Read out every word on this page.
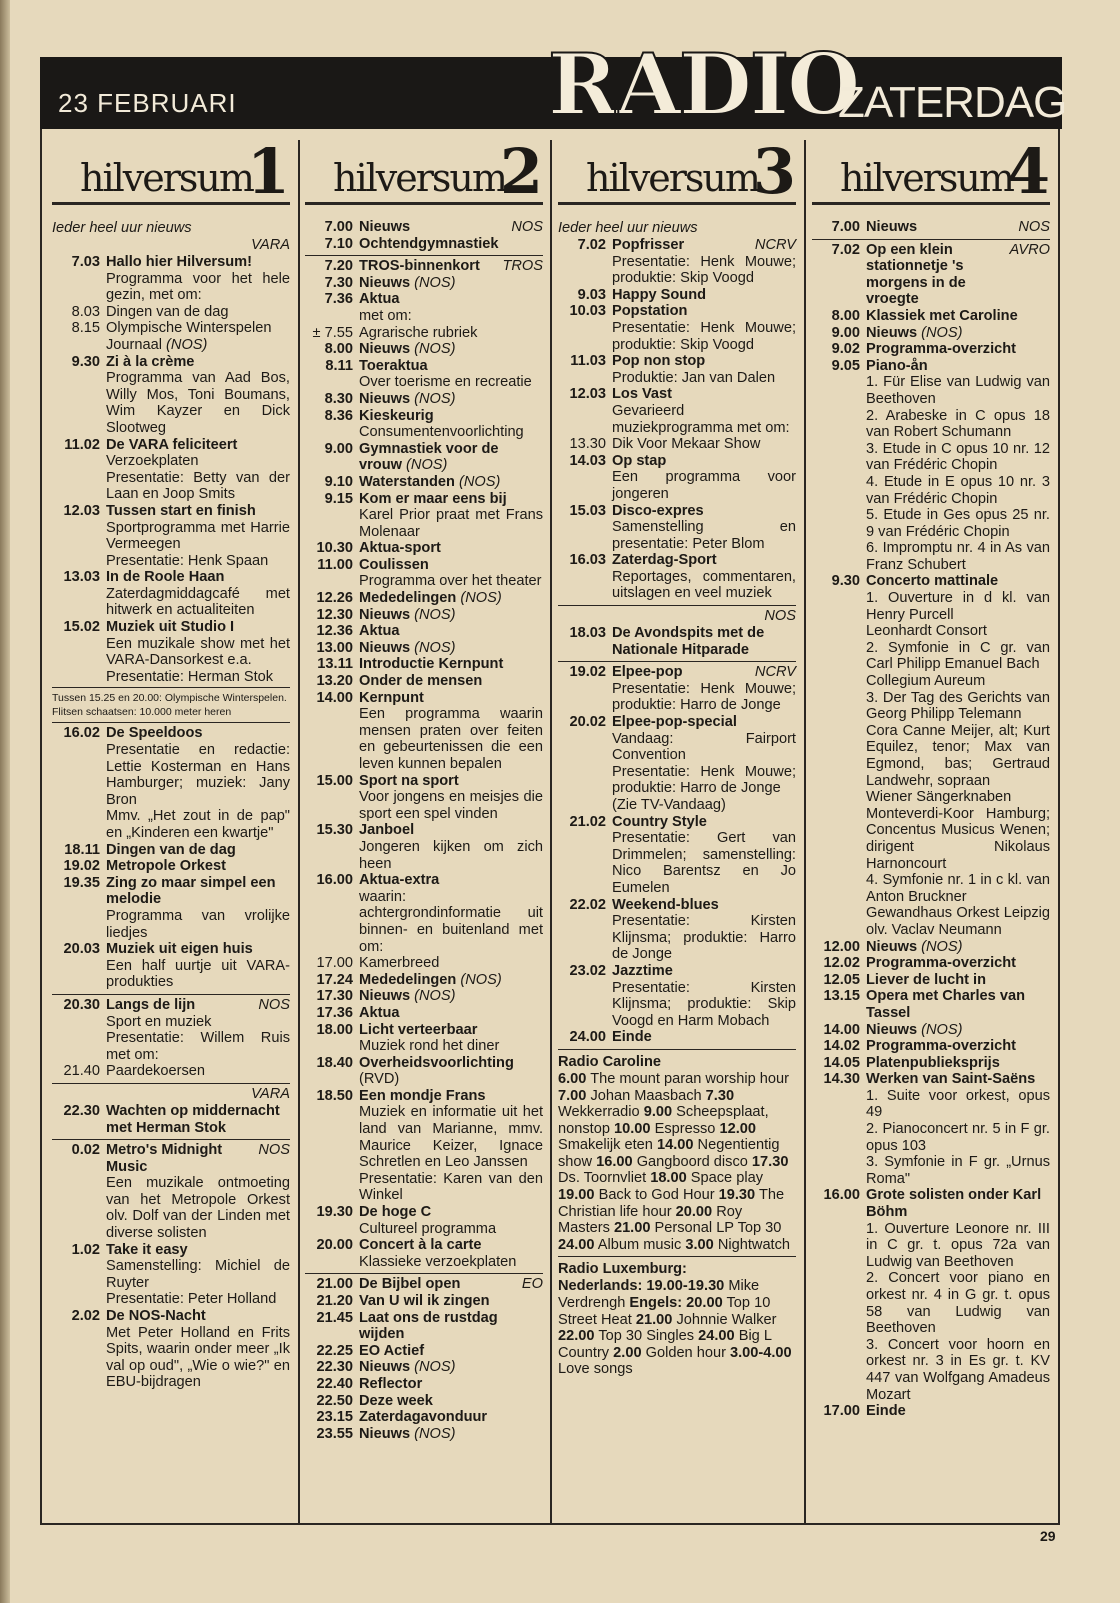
23 FEBRUARI	RADIO
ZATERDAG
hilversum
1
Ieder heel uur nieuws
VARA
7.03 Hallo hier Hilversum!
Programma voor het hele gezin, met om:
8.03 Dingen van de dag
8.15 Olympische Winterspelen Journaal (NOS)
9.30 Zi à la crème
Programma van Aad Bos, Willy Mos, Toni Boumans, Wim Kayzer en Dick Slootweg
11.02 De VARA feliciteert
Verzoekplaten
Presentatie: Betty van der Laan en Joop Smits
12.03 Tussen start en finish
Sportprogramma met Harrie Vermeegen
Presentatie: Henk Spaan
13.03 In de Roole Haan
Zaterdagmiddagcafé met hitwerk en actualiteiten
15.02 Muziek uit Studio I
Een muzikale show met het VARA-Dansorkest e.a.
Presentatie: Herman Stok
Tussen 15.25 en 20.00: Olympische Winterspelen. Flitsen schaatsen: 10.000 meter heren
16.02 De Speeldoos
Presentatie en redactie: Lettie Kosterman en Hans Hamburger; muziek: Jany Bron
Mmv. „Het zout in de pap" en „Kinderen een kwartje"
18.11 Dingen van de dag
19.02 Metropole Orkest
19.35 Zing zo maar simpel een melodie
Programma van vrolijke liedjes
20.03 Muziek uit eigen huis
Een half uurtje uit VARA-produkties
20.30 Langs de lijn	NOS
Sport en muziek
Presentatie: Willem Ruis met om:
21.40 Paardekoersen
VARA
22.30 Wachten op middernacht met Herman Stok
0.02 Metro's Midnight Music
NOS
Een muzikale ontmoeting van het Metropole Orkest olv. Dolf van der Linden met diverse solisten
1.02 Take it easy
Samenstelling: Michiel de Ruyter
Presentatie: Peter Holland
2.02 De NOS-Nacht
Met Peter Holland en Frits Spits, waarin onder meer „Ik val op oud", „Wie o wie?" en EBU-bijdragen
hilversum
2
7.00 Nieuws	NOS
7.10 Ochtendgymnastiek
7.20 TROS-binnenkort	TROS
7.30 Nieuws (NOS)
7.36 Aktua
met om:
± 7.55 Agrarische rubriek
8.00 Nieuws (NOS)
8.11 Toeraktua
Over toerisme en recreatie
8.30 Nieuws (NOS)
8.36 Kieskeurig
Consumentenvoorlichting
9.00 Gymnastiek voor de vrouw (NOS)
9.10 Waterstanden (NOS)
9.15 Kom er maar eens bij
Karel Prior praat met Frans Molenaar
10.30 Aktua-sport
11.00 Coulissen
Programma over het theater
12.26 Mededelingen (NOS)
12.30 Nieuws (NOS)
12.36 Aktua
13.00 Nieuws (NOS)
13.11 Introductie Kernpunt
13.20 Onder de mensen
14.00 Kernpunt
Een programma waarin mensen praten over feiten en gebeurtenissen die een leven kunnen bepalen
15.00 Sport na sport
Voor jongens en meisjes die sport een spel vinden
15.30 Janboel
Jongeren kijken om zich heen
16.00 Aktua-extra
waarin: achtergrondinformatie uit binnen- en buitenland met om:
17.00 Kamerbreed
17.24 Mededelingen (NOS)
17.30 Nieuws (NOS)
17.36 Aktua
18.00 Licht verteerbaar
Muziek rond het diner
18.40 Overheidsvoorlichting
(RVD)
18.50 Een mondje Frans
Muziek en informatie uit het land van Marianne, mmv. Maurice Keizer, Ignace Schretlen en Leo Janssen
Presentatie: Karen van den Winkel
19.30 De hoge C
Cultureel programma
20.00 Concert à la carte
Klassieke verzoekplaten
21.00 De Bijbel open	EO
21.20 Van U wil ik zingen
21.45 Laat ons de rustdag wijden
22.25 EO Actief
22.30 Nieuws (NOS)
22.40 Reflector
22.50 Deze week
23.15 Zaterdagavonduur
23.55 Nieuws (NOS)
hilversum
3
Ieder heel uur nieuws
7.02 Popfrisser	NCRV
Presentatie: Henk Mouwe; produktie: Skip Voogd
9.03 Happy Sound
10.03 Popstation
Presentatie: Henk Mouwe; produktie: Skip Voogd
11.03 Pop non stop
Produktie: Jan van Dalen
12.03 Los Vast
Gevarieerd muziekprogramma met om:
13.30 Dik Voor Mekaar Show
14.03 Op stap
Een programma voor jongeren
15.03 Disco-expres
Samenstelling en presentatie: Peter Blom
16.03 Zaterdag-Sport
Reportages, commentaren, uitslagen en veel muziek
NOS
18.03 De Avondspits met de Nationale Hitparade
19.02 Elpee-pop	NCRV
Presentatie: Henk Mouwe; produktie: Harro de Jonge
20.02 Elpee-pop-special
Vandaag: Fairport Convention
Presentatie: Henk Mouwe; produktie: Harro de Jonge
(Zie TV-Vandaag)
21.02 Country Style
Presentatie: Gert van Drimmelen; samenstelling: Nico Barentsz en Jo Eumelen
22.02 Weekend-blues
Presentatie: Kirsten Klijnsma; produktie: Harro de Jonge
23.02 Jazztime
Presentatie: Kirsten Klijnsma; produktie: Skip Voogd en Harm Mobach
24.00 Einde
Radio Caroline
6.00 The mount paran worship hour 7.00 Johan Maasbach 7.30 Wekkerradio 9.00 Scheepsplaat, nonstop 10.00 Espresso 12.00 Smakelijk eten 14.00 Negentientig show 16.00 Gangboord disco 17.30 Ds. Toornvliet 18.00 Space play 19.00 Back to God Hour 19.30 The Christian life hour 20.00 Roy Masters 21.00 Personal LP Top 30 24.00 Album music 3.00 Nightwatch
Radio Luxemburg:
Nederlands: 19.00-19.30 Mike Verdrengh Engels: 20.00 Top 10 Street Heat 21.00 Johnnie Walker 22.00 Top 30 Singles 24.00 Big L Country 2.00 Golden hour 3.00-4.00 Love songs
hilversum
4
7.00 Nieuws	NOS
7.02 Op een klein stationnetje 's morgens in de vroegte
AVRO
8.00 Klassiek met Caroline
9.00 Nieuws (NOS)
9.02 Programma-overzicht
9.05 Piano-ån
1. Für Elise van Ludwig van Beethoven
2. Arabeske in C opus 18 van Robert Schumann
3. Etude in C opus 10 nr. 12 van Frédéric Chopin
4. Etude in E opus 10 nr. 3 van Frédéric Chopin
5. Etude in Ges opus 25 nr. 9 van Frédéric Chopin
6. Impromptu nr. 4 in As van Franz Schubert
9.30 Concerto mattinale
1. Ouverture in d kl. van Henry Purcell
Leonhardt Consort
2. Symfonie in C gr. van Carl Philipp Emanuel Bach
Collegium Aureum
3. Der Tag des Gerichts van Georg Philipp Telemann
Cora Canne Meijer, alt; Kurt Equilez, tenor; Max van Egmond, bas; Gertraud Landwehr, sopraan
Wiener Sängerknaben
Monteverdi-Koor Hamburg; Concentus Musicus Wenen; dirigent Nikolaus Harnoncourt
4. Symfonie nr. 1 in c kl. van Anton Bruckner
Gewandhaus Orkest Leipzig olv. Vaclav Neumann
12.00 Nieuws (NOS)
12.02 Programma-overzicht
12.05 Liever de lucht in
13.15 Opera met Charles van Tassel
14.00 Nieuws (NOS)
14.02 Programma-overzicht
14.05 Platenpublieksprijs
14.30 Werken van Saint-Saëns
1. Suite voor orkest, opus 49
2. Pianoconcert nr. 5 in F gr. opus 103
3. Symfonie in F gr. „Urnus Roma"
16.00 Grote solisten onder Karl Böhm
1. Ouverture Leonore nr. III in C gr. t. opus 72a van Ludwig van Beethoven
2. Concert voor piano en orkest nr. 4 in G gr. t. opus 58 van Ludwig van Beethoven
3. Concert voor hoorn en orkest nr. 3 in Es gr. t. KV 447 van Wolfgang Amadeus Mozart
17.00 Einde
29
